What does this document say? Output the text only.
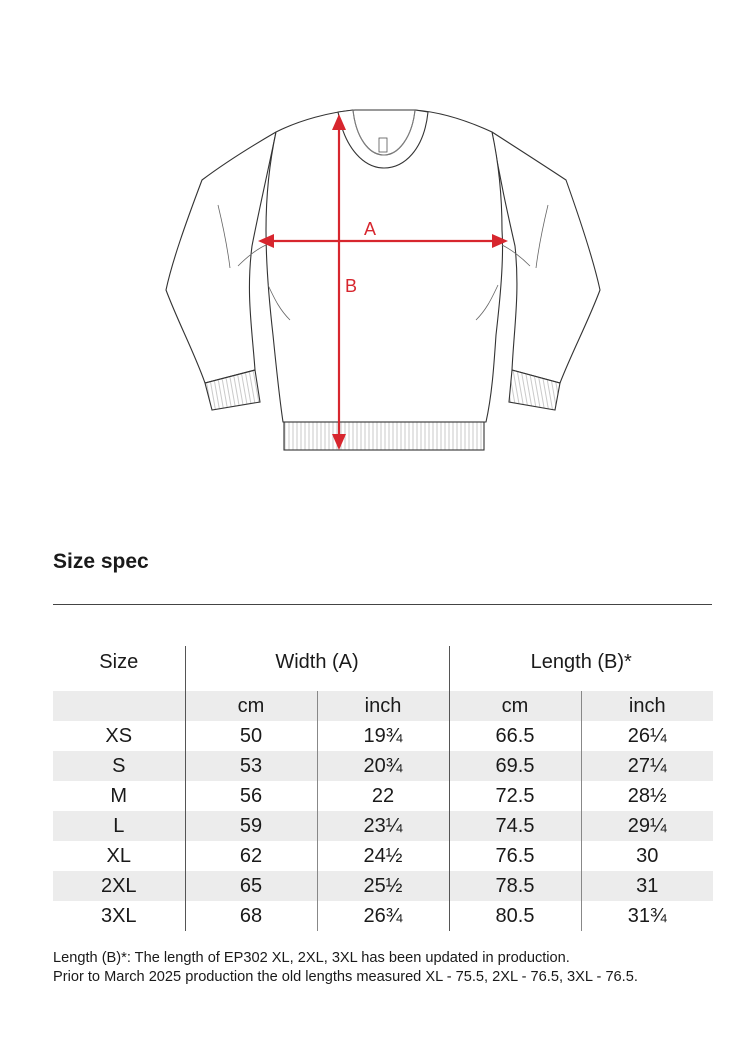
A
B
Size spec
Size	Width (A)		Length (B)*	
	cm	inch	cm	inch
XS	50	19¾	66.5	26¼
S	53	20¾	69.5	27¼
M	56	22	72.5	28½
L	59	23¼	74.5	29¼
XL	62	24½	76.5	30
2XL	65	25½	78.5	31
3XL	68	26¾	80.5	31¾

Length (B)*: The length of EP302 XL, 2XL, 3XL has been updated in production.
Prior to March 2025 production the old lengths measured XL - 75.5, 2XL - 76.5, 3XL - 76.5.
